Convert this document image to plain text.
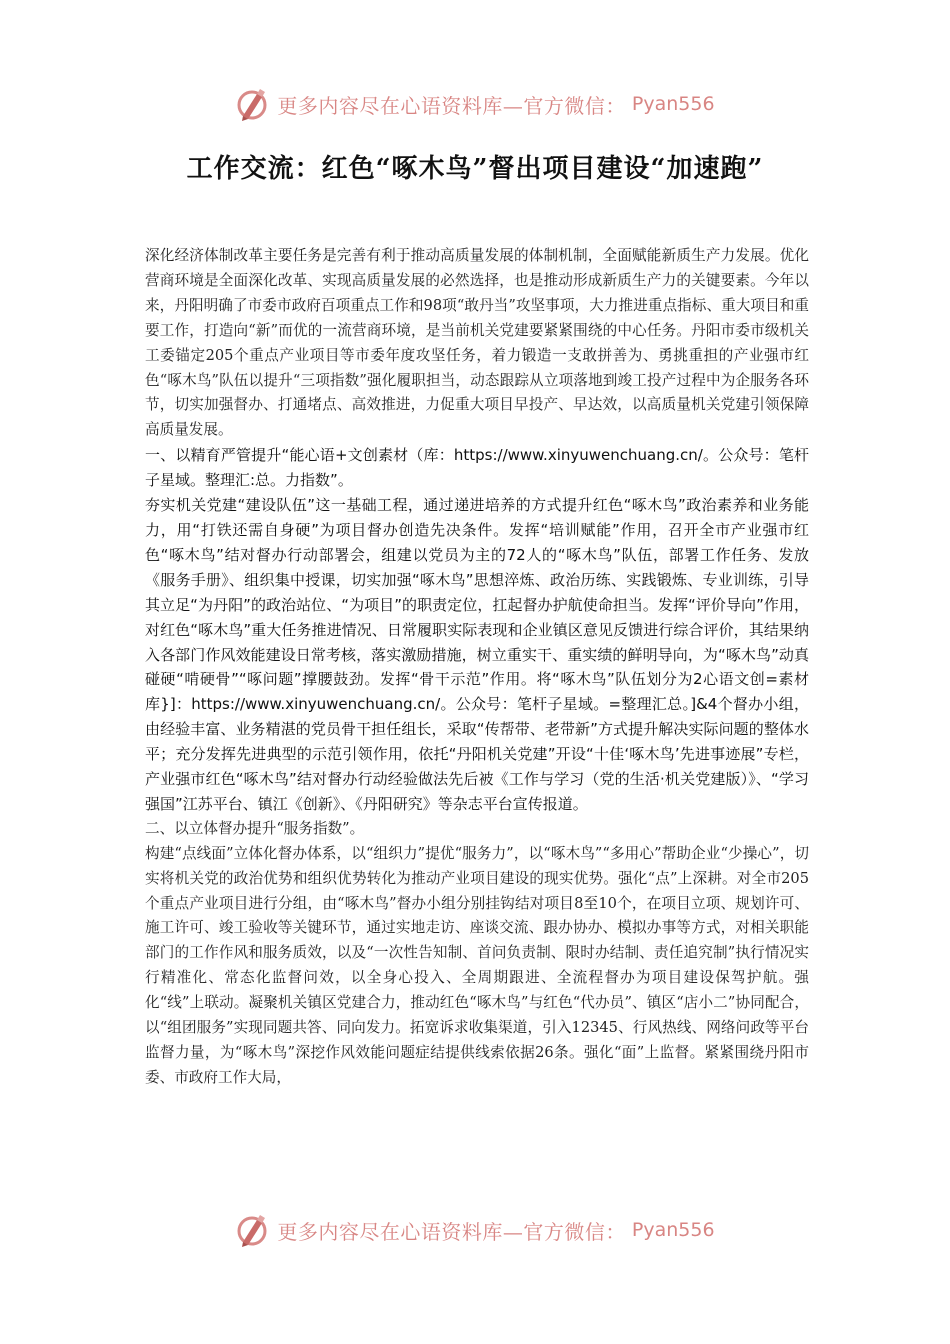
更多内容尽在心语资料库—官方微信： Pyan556
工作交流：红色“啄木鸟”督出项目建设“加速跑”

深化经济体制改革主要任务是完善有利于推动高质量发展的体制机制，全面赋能新质生产力发展。优化营商环境是全面深化改革、实现高质量发展的必然选择，也是推动形成新质生产力的关键要素。今年以来，丹阳明确了市委市政府百项重点工作和98项“敢丹当”攻坚事项，大力推进重点指标、重大项目和重要工作，打造向“新”而优的一流营商环境，是当前机关党建要紧紧围绕的中心任务。丹阳市委市级机关工委锚定205个重点产业项目等市委年度攻坚任务，着力锻造一支敢拼善为、勇挑重担的产业强市红色“啄木鸟”队伍以提升“三项指数”强化履职担当，动态跟踪从立项落地到竣工投产过程中为企服务各环节，切实加强督办、打通堵点、高效推进，力促重大项目早投产、早达效，以高质量机关党建引领保障高质量发展。

一、以精育严管提升“能心语+文创素材（库：https://www.xinyuwenchuang.cn/。公众号：笔杆子星域。整理汇:总。力指数”。

夯实机关党建“建设队伍”这一基础工程，通过递进培养的方式提升红色“啄木鸟”政治素养和业务能力，用“打铁还需自身硬”为项目督办创造先决条件。发挥“培训赋能”作用，召开全市产业强市红色“啄木鸟”结对督办行动部署会，组建以党员为主的72人的“啄木鸟”队伍，部署工作任务、发放《服务手册》、组织集中授课，切实加强“啄木鸟”思想淬炼、政治历练、实践锻炼、专业训练，引导其立足“为丹阳”的政治站位、“为项目”的职责定位，扛起督办护航使命担当。发挥“评价导向”作用，对红色“啄木鸟”重大任务推进情况、日常履职实际表现和企业镇区意见反馈进行综合评价，其结果纳入各部门作风效能建设日常考核，落实激励措施，树立重实干、重实绩的鲜明导向，为“啄木鸟”动真碰硬“啃硬骨”“啄问题”撑腰鼓劲。发挥“骨干示范”作用。将“啄木鸟”队伍划分为2心语文创=素材库}]：https://www.xinyuwenchuang.cn/。公众号：笔杆子星域。=整理汇总。]&4个督办小组，由经验丰富、业务精湛的党员骨干担任组长，采取“传帮带、老带新”方式提升解决实际问题的整体水平；充分发挥先进典型的示范引领作用，依托“丹阳机关党建”开设“十佳‘啄木鸟’先进事迹展”专栏，产业强市红色“啄木鸟”结对督办行动经验做法先后被《工作与学习（党的生活·机关党建版）》、“学习强国”江苏平台、镇江《创新》、《丹阳研究》等杂志平台宣传报道。

二、以立体督办提升“服务指数”。

构建“点线面”立体化督办体系，以“组织力”提优“服务力”，以“啄木鸟”“多用心”帮助企业“少操心”，切实将机关党的政治优势和组织优势转化为推动产业项目建设的现实优势。强化“点”上深耕。对全市205个重点产业项目进行分组，由“啄木鸟”督办小组分别挂钩结对项目8至10个，在项目立项、规划许可、施工许可、竣工验收等关键环节，通过实地走访、座谈交流、跟办协办、模拟办事等方式，对相关职能部门的工作作风和服务质效，以及“一次性告知制、首问负责制、限时办结制、责任追究制”执行情况实行精准化、常态化监督问效，以全身心投入、全周期跟进、全流程督办为项目建设保驾护航。强化“线”上联动。凝聚机关镇区党建合力，推动红色“啄木鸟”与红色“代办员”、镇区“店小二”协同配合，以“组团服务”实现同题共答、同向发力。拓宽诉求收集渠道，引入12345、行风热线、网络问政等平台监督力量，为“啄木鸟”深挖作风效能问题症结提供线索依据26条。强化“面”上监督。紧紧围绕丹阳市委、市政府工作大局，

更多内容尽在心语资料库—官方微信： Pyan556
